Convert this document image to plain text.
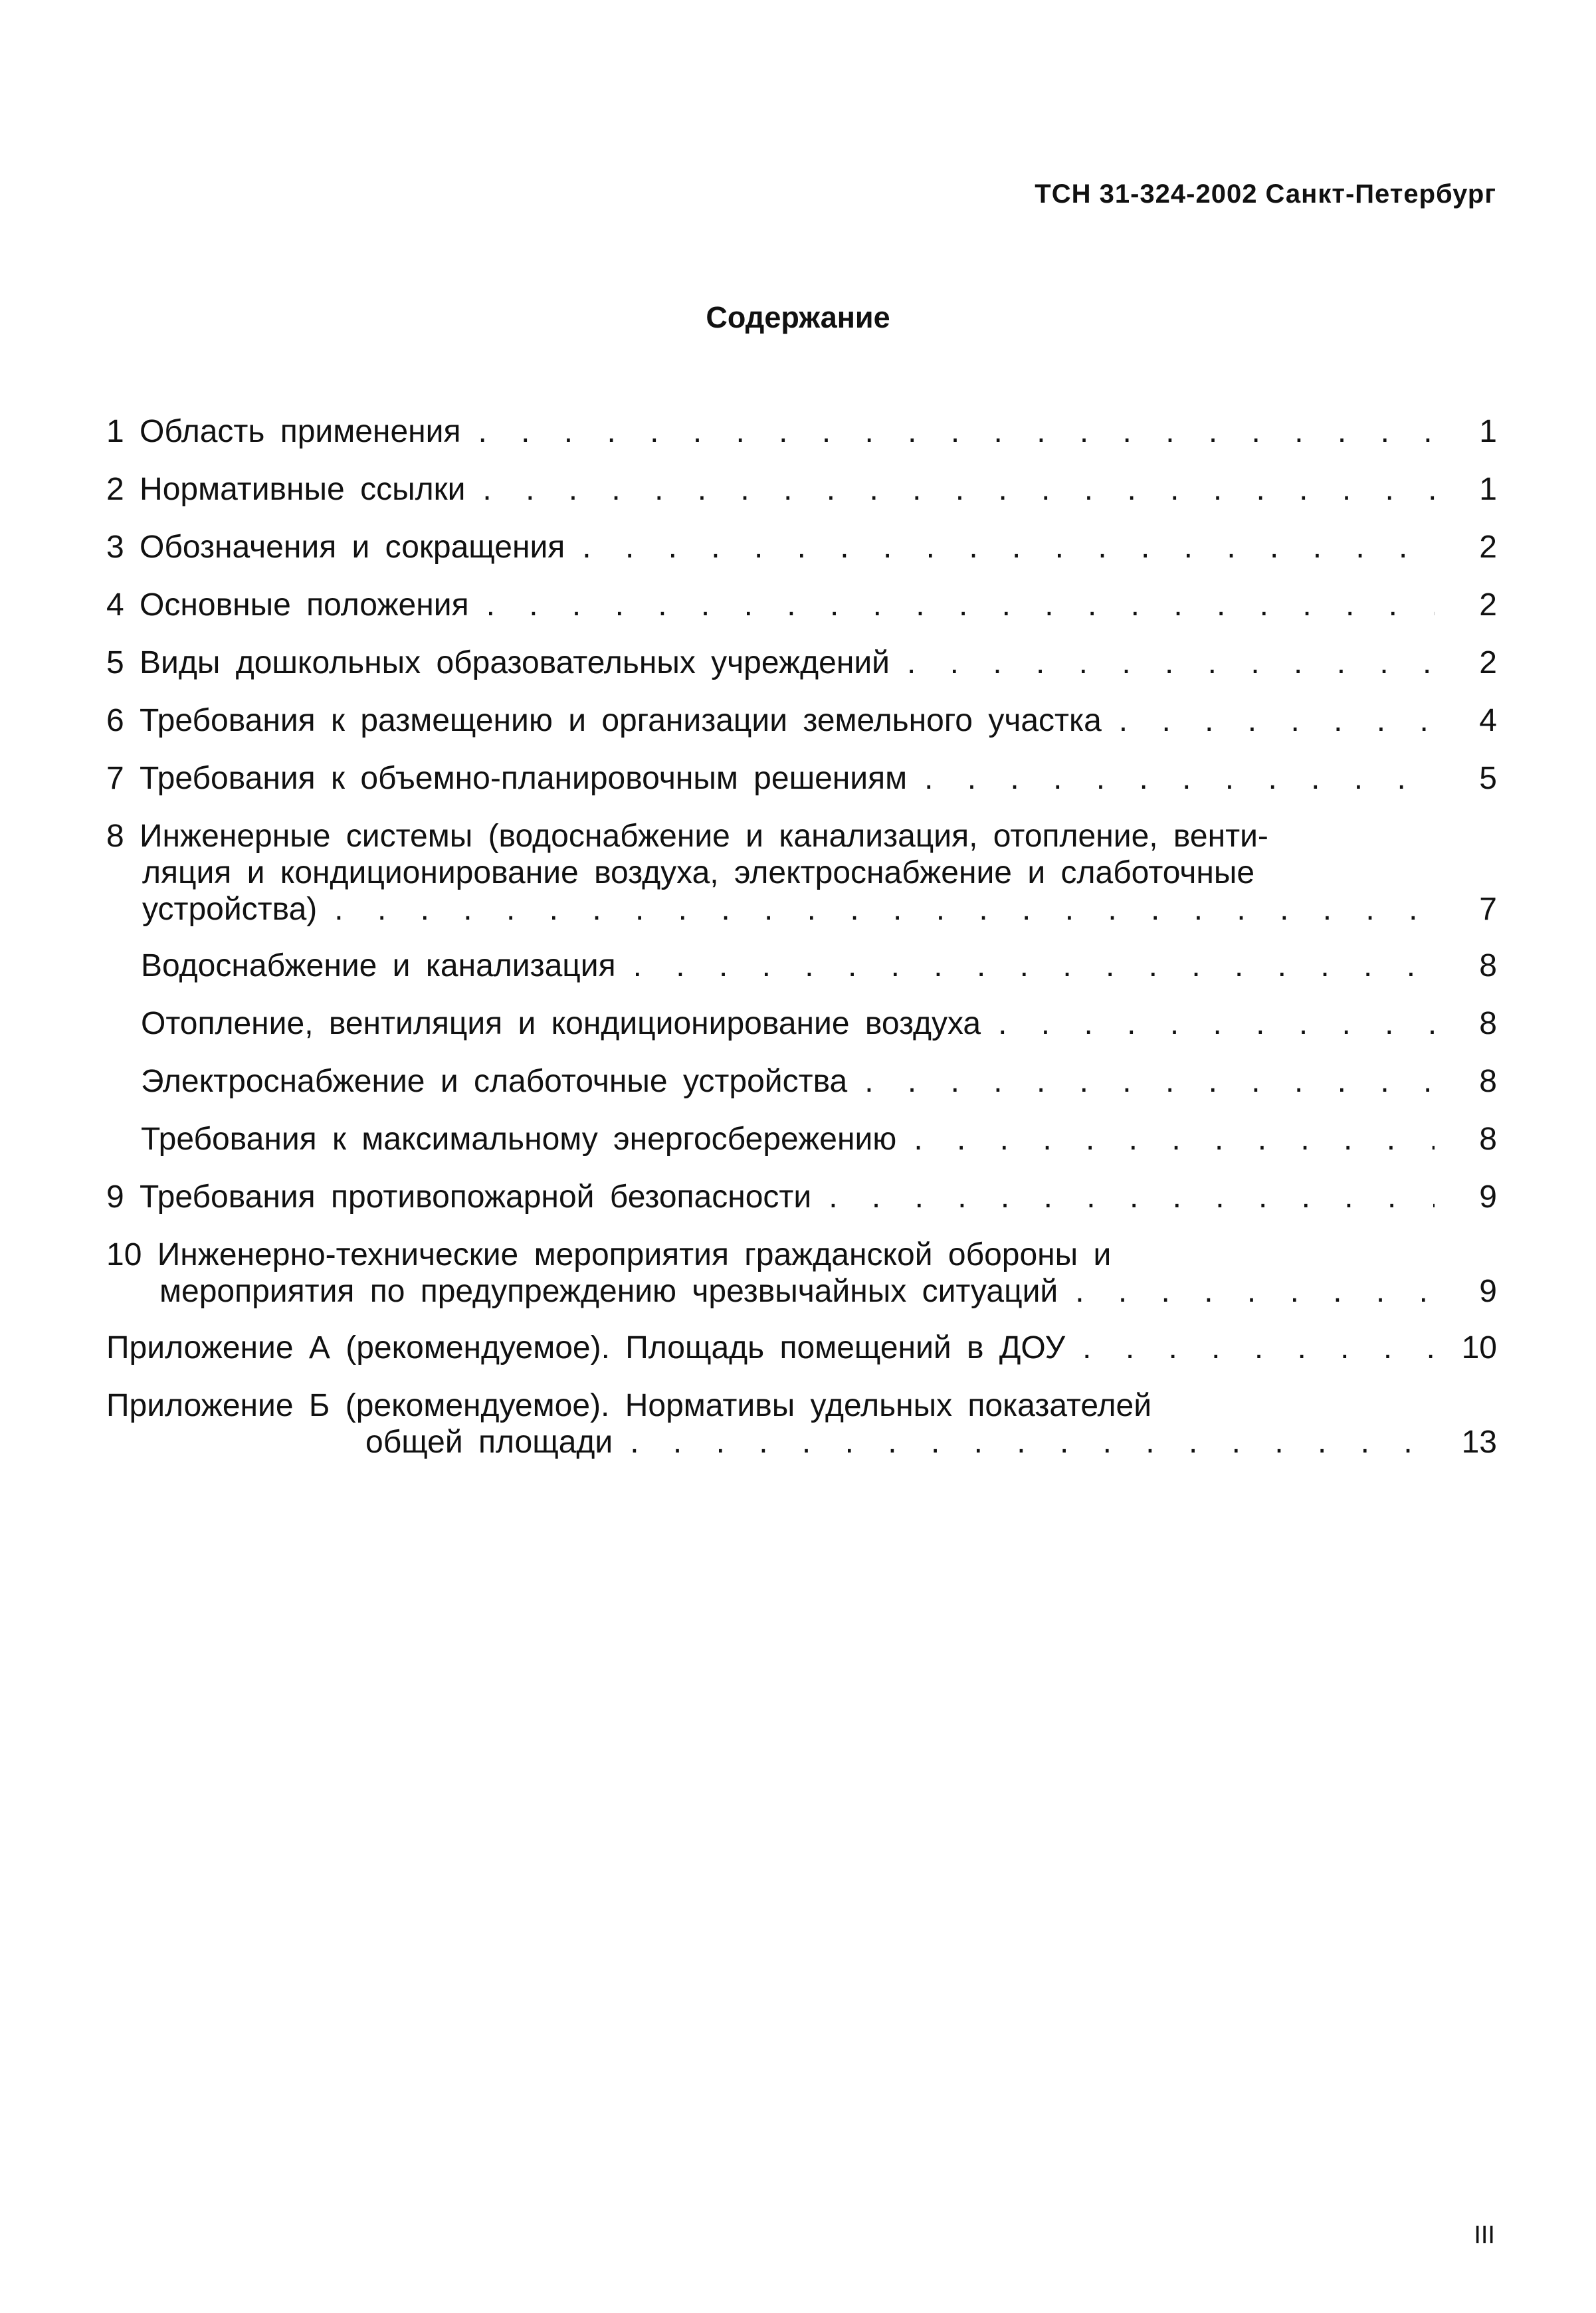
ТСН 31-324-2002 Санкт-Петербург
Содержание
1 Область применения . . .	1
2 Нормативные ссылки . . .	1
3 Обозначения и сокращения . . .	2
4 Основные положения . . .	2
5 Виды дошкольных образовательных учреждений . . .	2
6 Требования к размещению и организации земельного участка . . .	4
7 Требования к объемно-планировочным решениям . . .	5
8 Инженерные системы (водоснабжение и канализация, отопление, венти-
ляция и кондиционирование воздуха, электроснабжение и слаботочные
устройства) . . .	7
Водоснабжение и канализация . . .	8
Отопление, вентиляция и кондиционирование воздуха . . .	8
Электроснабжение и слаботочные устройства . . .	8
Требования к максимальному энергосбережению . . .	8
9 Требования противопожарной безопасности . . .	9
10 Инженерно-технические мероприятия гражданской обороны и
мероприятия по предупреждению чрезвычайных ситуаций . . .	9
Приложение А (рекомендуемое). Площадь помещений в ДОУ . . .	10
Приложение Б (рекомендуемое). Нормативы удельных показателей
общей площади . . .	13
III
